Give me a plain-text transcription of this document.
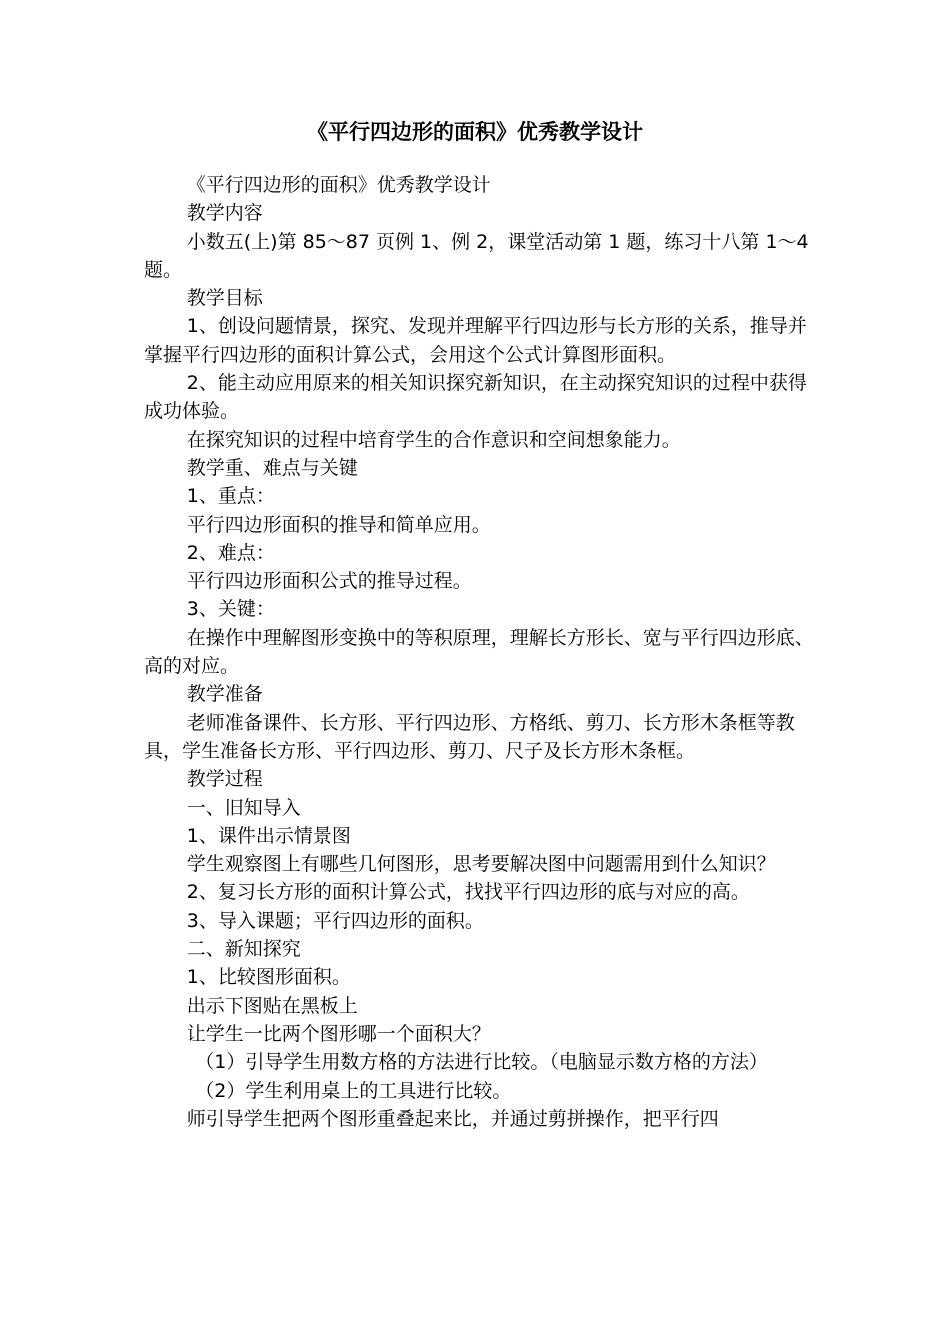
《平行四边形的面积》优秀教学设计

《平行四边形的面积》优秀教学设计

教学内容

小数五(上)第 85～87 页例 1、例 2，课堂活动第 1 题，练习十八第 1～4 题。

教学目标

1、创设问题情景，探究、发现并理解平行四边形与长方形的关系，推导并掌握平行四边形的面积计算公式，会用这个公式计算图形面积。

2、能主动应用原来的相关知识探究新知识，在主动探究知识的过程中获得成功体验。

在探究知识的过程中培育学生的合作意识和空间想象能力。

教学重、难点与关键

1、重点：

平行四边形面积的推导和简单应用。

2、难点：

平行四边形面积公式的推导过程。

3、关键：

在操作中理解图形变换中的等积原理，理解长方形长、宽与平行四边形底、高的对应。

教学准备

老师准备课件、长方形、平行四边形、方格纸、剪刀、长方形木条框等教具，学生准备长方形、平行四边形、剪刀、尺子及长方形木条框。

教学过程

一、旧知导入

1、课件出示情景图

学生观察图上有哪些几何图形，思考要解决图中问题需用到什么知识？

2、复习长方形的面积计算公式，找找平行四边形的底与对应的高。

3、导入课题；平行四边形的面积。

二、新知探究

1、比较图形面积。

出示下图贴在黑板上

让学生一比两个图形哪一个面积大？

（1）引导学生用数方格的方法进行比较。（电脑显示数方格的方法）

（2）学生利用桌上的工具进行比较。

师引导学生把两个图形重叠起来比，并通过剪拼操作，把平行四
